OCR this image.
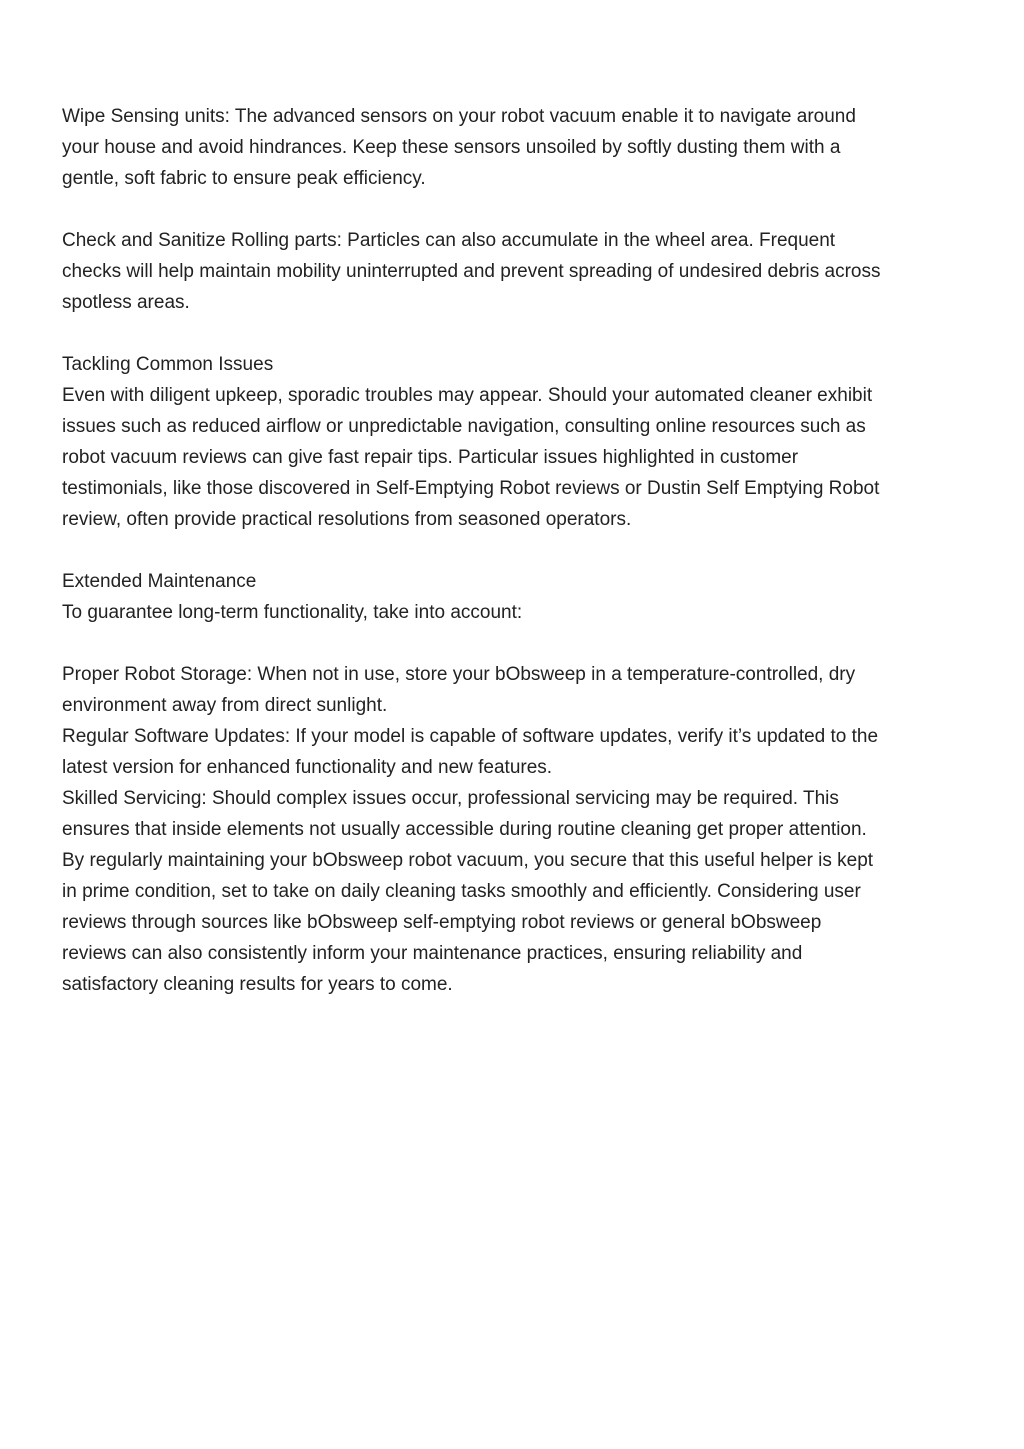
Wipe Sensing units: The advanced sensors on your robot vacuum enable it to navigate around
your house and avoid hindrances. Keep these sensors unsoiled by softly dusting them with a
gentle, soft fabric to ensure peak efficiency.
Check and Sanitize Rolling parts: Particles can also accumulate in the wheel area. Frequent
checks will help maintain mobility uninterrupted and prevent spreading of undesired debris across
spotless areas.
Tackling Common Issues
Even with diligent upkeep, sporadic troubles may appear. Should your automated cleaner exhibit
issues such as reduced airflow or unpredictable navigation, consulting online resources such as
robot vacuum reviews can give fast repair tips. Particular issues highlighted in customer
testimonials, like those discovered in Self-Emptying Robot reviews or Dustin Self Emptying Robot
review, often provide practical resolutions from seasoned operators.
Extended Maintenance
To guarantee long-term functionality, take into account:
Proper Robot Storage: When not in use, store your bObsweep in a temperature-controlled, dry
environment away from direct sunlight.
Regular Software Updates: If your model is capable of software updates, verify it’s updated to the
latest version for enhanced functionality and new features.
Skilled Servicing: Should complex issues occur, professional servicing may be required. This
ensures that inside elements not usually accessible during routine cleaning get proper attention.
By regularly maintaining your bObsweep robot vacuum, you secure that this useful helper is kept
in prime condition, set to take on daily cleaning tasks smoothly and efficiently. Considering user
reviews through sources like bObsweep self-emptying robot reviews or general bObsweep
reviews can also consistently inform your maintenance practices, ensuring reliability and
satisfactory cleaning results for years to come.
